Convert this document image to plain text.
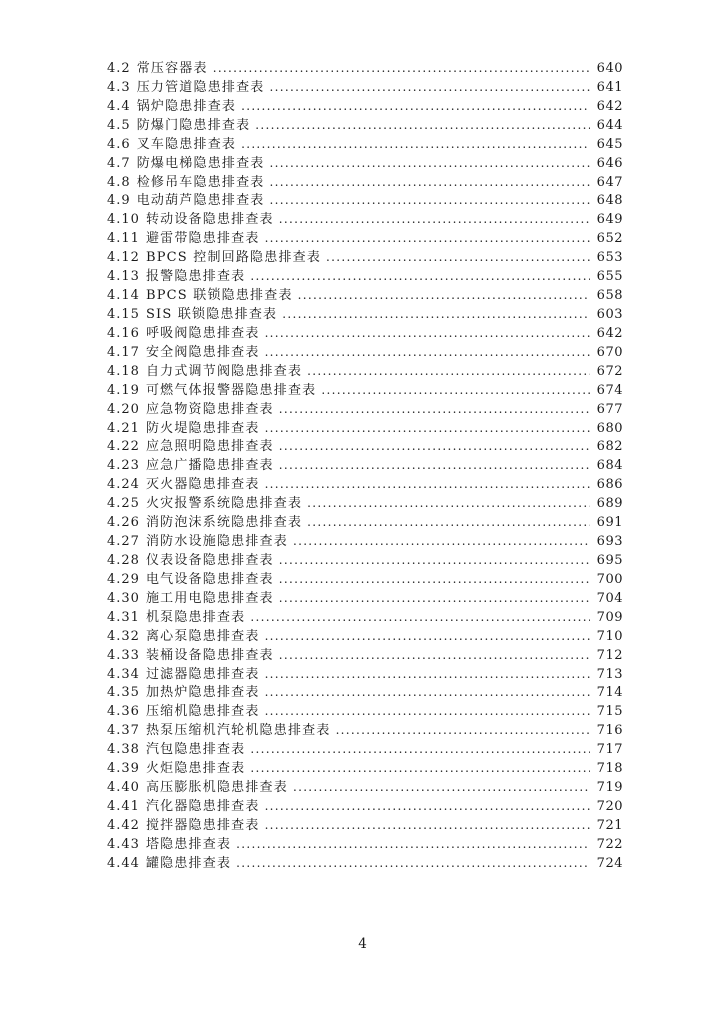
4.2 常压容器表 .....	640
4.3 压力管道隐患排查表 .....	641
4.4 锅炉隐患排查表 .....	642
4.5 防爆门隐患排查表 .....	644
4.6 叉车隐患排查表 .....	645
4.7 防爆电梯隐患排查表 .....	646
4.8 检修吊车隐患排查表 .....	647
4.9 电动葫芦隐患排查表 .....	648
4.10 转动设备隐患排查表 .....	649
4.11 避雷带隐患排查表 .....	652
4.12 BPCS 控制回路隐患排查表 .....	653
4.13 报警隐患排查表 .....	655
4.14 BPCS 联锁隐患排查表 .....	658
4.15 SIS 联锁隐患排查表 .....	603
4.16 呼吸阀隐患排查表 .....	642
4.17 安全阀隐患排查表 .....	670
4.18 自力式调节阀隐患排查表 .....	672
4.19 可燃气体报警器隐患排查表 .....	674
4.20 应急物资隐患排查表 .....	677
4.21 防火堤隐患排查表 .....	680
4.22 应急照明隐患排查表 .....	682
4.23 应急广播隐患排查表 .....	684
4.24 灭火器隐患排查表 .....	686
4.25 火灾报警系统隐患排查表 .....	689
4.26 消防泡沫系统隐患排查表 .....	691
4.27 消防水设施隐患排查表 .....	693
4.28 仪表设备隐患排查表 .....	695
4.29 电气设备隐患排查表 .....	700
4.30 施工用电隐患排查表 .....	704
4.31 机泵隐患排查表 .....	709
4.32 离心泵隐患排查表 .....	710
4.33 装桶设备隐患排查表 .....	712
4.34 过滤器隐患排查表 .....	713
4.35 加热炉隐患排查表 .....	714
4.36 压缩机隐患排查表 .....	715
4.37 热泵压缩机汽轮机隐患排查表 .....	716
4.38 汽包隐患排查表 .....	717
4.39 火炬隐患排查表 .....	718
4.40 高压膨胀机隐患排查表 .....	719
4.41 汽化器隐患排查表 .....	720
4.42 搅拌器隐患排查表 .....	721
4.43 塔隐患排查表 .....	722
4.44 罐隐患排查表 .....	724
4
